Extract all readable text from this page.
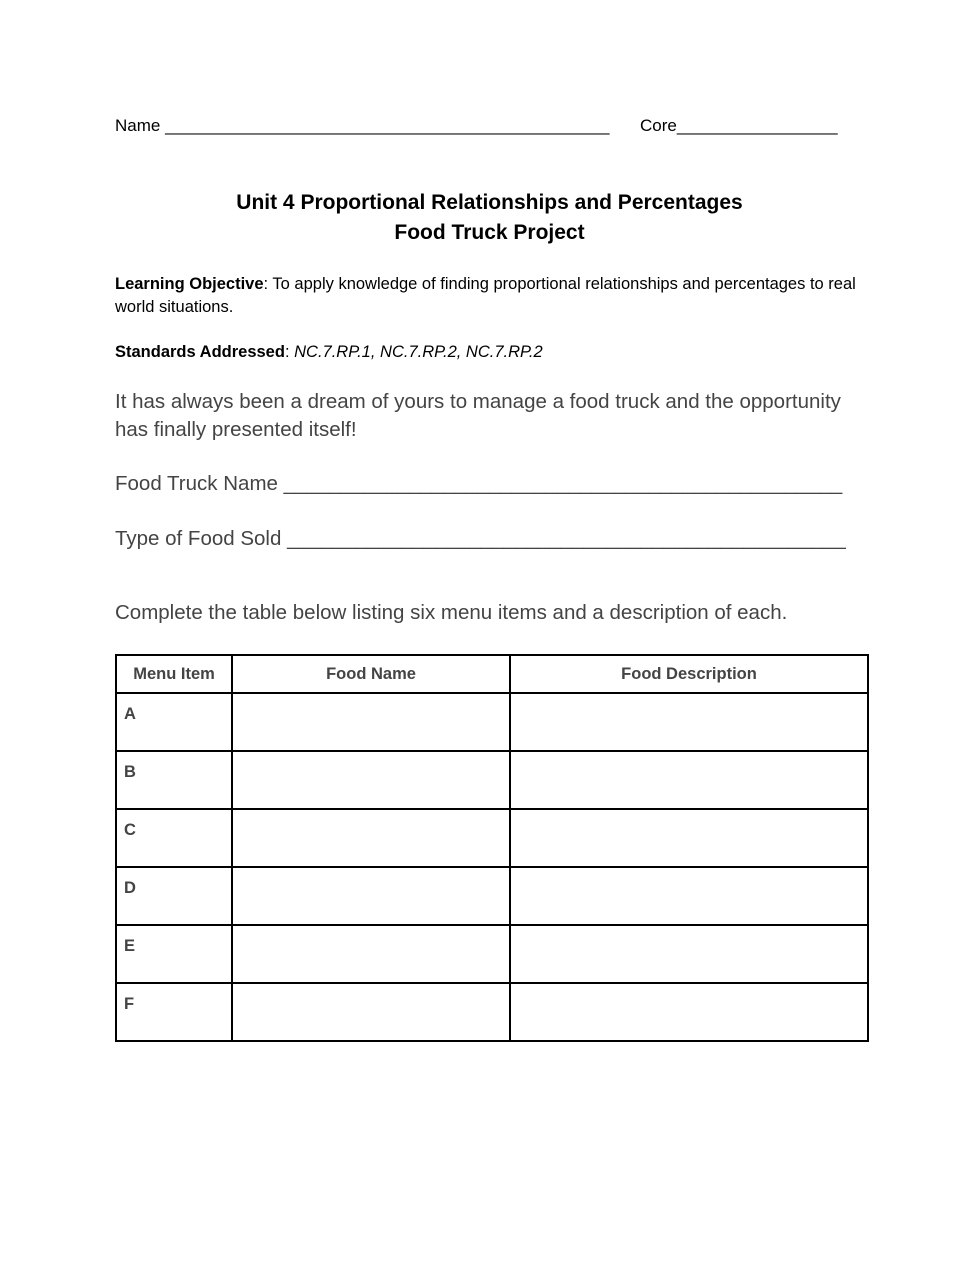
Name _______________________________________________ Core_________________
Unit 4 Proportional Relationships and Percentages
Food Truck Project
Learning Objective: To apply knowledge of finding proportional relationships and percentages to real world situations.
Standards Addressed: NC.7.RP.1, NC.7.RP.2, NC.7.RP.2
It has always been a dream of yours to manage a food truck and the opportunity has finally presented itself!
Food Truck Name _________________________________________________
Type of Food Sold _________________________________________________
Complete the table below listing six menu items and a description of each.
Menu Item	Food Name	Food Description

A		

B		

C		

D		

E		

F		
